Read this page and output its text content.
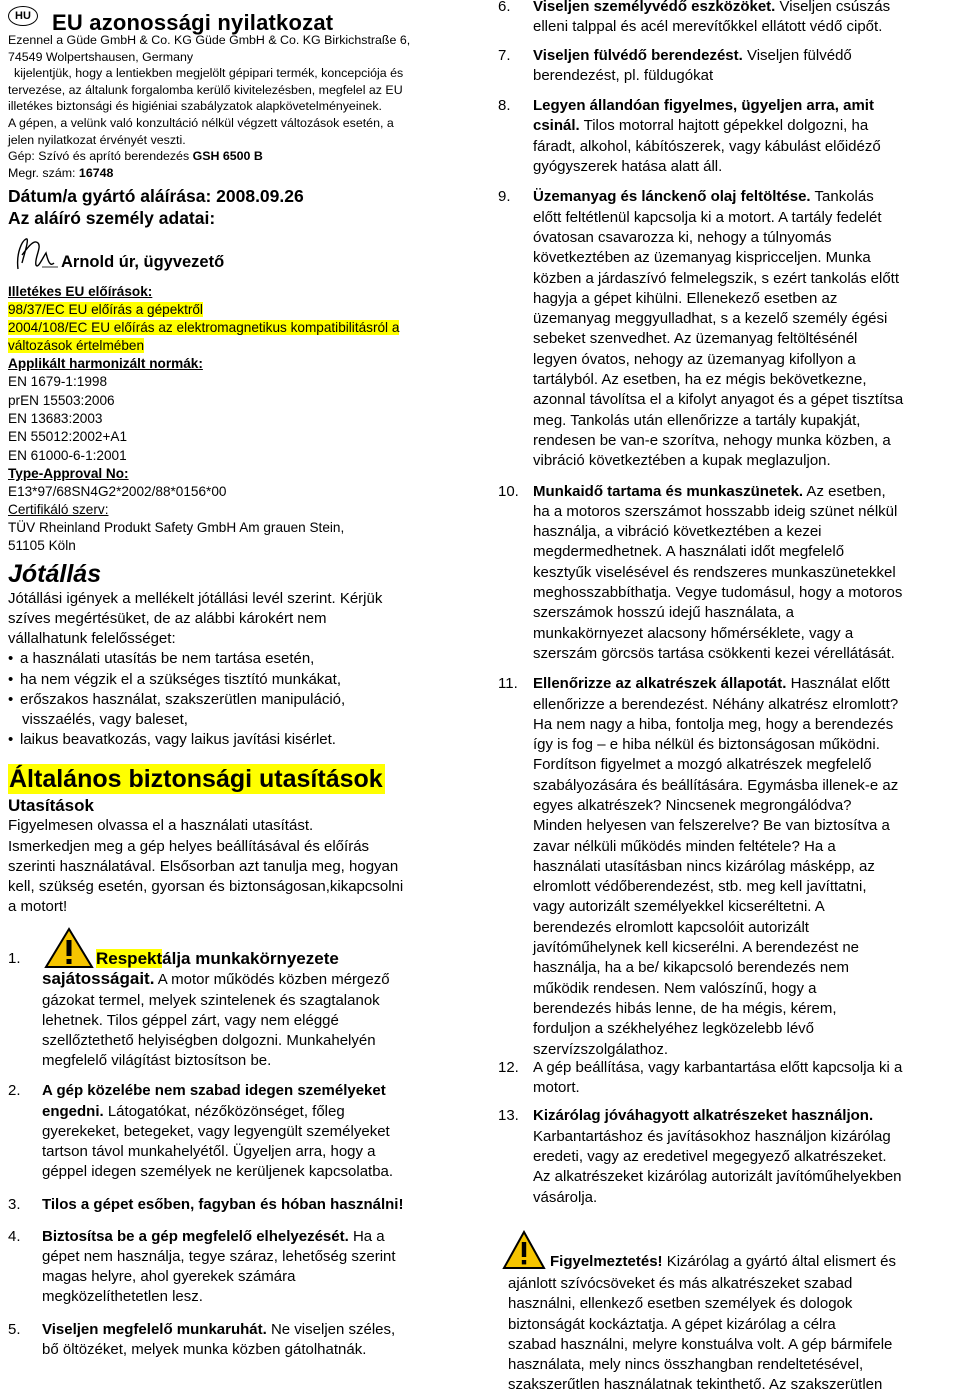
HU EU azonossági nyilatkozat
Ezennel a Güde GmbH & Co. KG Güde GmbH & Co. KG Birkichstraße 6,
74549 Wolpertshausen, Germany
kijelentjük, hogy a lentiekben megjelölt gépipari termék, koncepciója és
tervezése, az általunk forgalomba kerülő kivitelezésben, megfelel az EU
illetékes biztonsági és higiéniai szabályzatok alapkövetelményeinek.
A gépen, a velünk való konzultáció nélkül végzett változások esetén, a
jelen nyilatkozat érvényét veszti.
Gép: Szívó és aprító berendezés GSH 6500 B
Megr. szám: 16748
Dátum/a gyártó aláírása: 2008.09.26
Az aláíró személy adatai:
Arnold úr, ügyvezető
Illetékes EU előírások:
98/37/EC EU előírás a gépektről
2004/108/EC EU előírás az elektromagnetikus kompatibilitásról a
változások értelmében
Applikált harmonizált normák:
EN 1679-1:1998
prEN 15503:2006
EN 13683:2003
EN 55012:2002+A1
EN 61000-6-1:2001
Type-Approval No:
E13*97/68SN4G2*2002/88*0156*00
Certifikáló szerv:
TÜV Rheinland Produkt Safety GmbH Am grauen Stein,
51105 Köln
Jótállás
Jótállási igények a mellékelt jótállási levél szerint. Kérjük
szíves megértésüket, de az alábbi károkért nem
vállalhatunk felelősséget:
• a használati utasítás be nem tartása esetén,
• ha nem végzik el a szükséges tisztító munkákat,
• erőszakos használat, szakszerütlen manipuláció,
visszaélés, vagy baleset,
• laikus beavatkozás, vagy laikus javítási kisérlet.
Általános biztonsági utasítások
Utasítások
Figyelmesen olvassa el a használati utasítást.
Ismerkedjen meg a gép helyes beállításával és előírás
szerinti használatával. Elsősorban azt tanulja meg, hogyan
kell, szükség esetén, gyorsan és biztonságosan,kikapcsolni
a motort!
1.	Respektálja munkakörnyezete
sajátosságait. A motor működés közben mérgező
gázokat termel, melyek szintelenek és szagtalanok
lehetnek. Tilos géppel zárt, vagy nem eléggé
szellőztethető helyiségben dolgozni. Munkahelyén
megfelelő világítást biztosítson be.
2. A gép közelébe nem szabad idegen személyeket
engedni. Látogatókat, nézőközönséget, főleg
gyerekeket, betegeket, vagy legyengült személyeket
tartson távol munkahelyétől. Ügyeljen arra, hogy a
géppel idegen személyek ne kerüljenek kapcsolatba.
3. Tilos a gépet esőben, fagyban és hóban használni!
4. Biztosítsa be a gép megfelelő elhelyezését. Ha a
gépet nem használja, tegye száraz, lehetőség szerint
magas helyre, ahol gyerekek számára
megközelíthetetlen lesz.
5. Viseljen megfelelő munkaruhát. Ne viseljen széles,
bő öltözéket, melyek munka közben gátolhatnák.
6. Viseljen személyvédő eszközöket. Viseljen csúszás
elleni talppal és acél merevítőkkel ellátott védő cipőt.
7. Viseljen fülvédő berendezést. Viseljen fülvédő
berendezést, pl. füldugókat
8. Legyen állandóan figyelmes, ügyeljen arra, amit
csinál. Tilos motorral hajtott gépekkel dolgozni, ha
fáradt, alkohol, kábítószerek, vagy kábulást előidéző
gyógyszerek hatása alatt áll.
9. Üzemanyag és lánckenő olaj feltöltése. Tankolás
előtt feltétlenül kapcsolja ki a motort. A tartály fedelét
óvatosan csavarozza ki, nehogy a túlnyomás
következtében az üzemanyag kispricceljen. Munka
közben a járdaszívó felmelegszik, s ezért tankolás előtt
hagyja a gépet kihülni. Ellenekező esetben az
üzemanyag meggyulladhat, s a kezelő személy égési
sebeket szenvedhet. Az üzemanyag feltöltésénél
legyen óvatos, nehogy az üzemanyag kifollyon a
tartályból. Az esetben, ha ez mégis bekövetkezne,
azonnal távolítsa el a kifolyt anyagot és a gépet tisztítsa
meg. Tankolás után ellenőrizze a tartály kupakját,
rendesen be van-e szorítva, nehogy munka közben, a
vibráció következtében a kupak meglazuljon.
10. Munkaidő tartama és munkaszünetek. Az esetben,
ha a motoros szerszámot hosszabb ideig szünet nélkül
használja, a vibráció következtében a kezei
megdermedhetnek. A használati időt megfelelő
kesztyűk viselésével és rendszeres munkaszünetekkel
meghosszabbíthatja. Vegye tudomásul, hogy a motoros
szerszámok hosszú idejű használata, a
munkakörnyezet alacsony hőmérséklete, vagy a
szerszám görcsös tartása csökkenti kezei vérellátását.
11. Ellenőrizze az alkatrészek állapotát. Használat előtt
ellenőrizze a berendezést. Néhány alkatrész elromlott?
Ha nem nagy a hiba, fontolja meg, hogy a berendezés
így is fog – e hiba nélkül és biztonságosan működni.
Fordítson figyelmet a mozgó alkatrészek megfelelő
szabályozására és beállítására. Egymásba illenek-e az
egyes alkatrészek? Nincsenek megrongálódva?
Minden helyesen van felszerelve? Be van biztosítva a
zavar nélküli működés minden feltétele? Ha a
használati utasításban nincs kizárólag másképp, az
elromlott védőberendezést, stb. meg kell javíttatni,
vagy autorizált személyekkel kicseréltetni. A
berendezés elromlott kapcsolóit autorizált
javítóműhelynek kell kicserélni. A berendezést ne
használja, ha a be/ kikapcsoló berendezés nem
működik rendesen. Nem valószínű, hogy a
berendezés hibás lenne, de ha mégis, kérem,
forduljon a székhelyéhez legközelebb lévő
szervízszolgálathoz.
12. A gép beállítása, vagy karbantartása előtt kapcsolja ki a
motort.
13. Kizárólag jóváhagyott alkatrészeket használjon.
Karbantartáshoz és javításokhoz használjon kizárólag
eredeti, vagy az eredetivel megegyező alkatrészeket.
Az alkatrészeket kizárólag autorizált javítóműhelyekben
vásárolja.
Figyelmeztetés! Kizárólag a gyártó által elismert és
ajánlott szívócsöveket és más alkatrészeket szabad
használni, ellenkező esetben személyek és dologok
biztonságát kockáztatja. A gépet kizárólag a célra
szabad használni, melyre konstuálva volt. A gép bármifele
használata, mely nincs összhangban rendeltetésével,
szakszerűtlen használatnak tekinthető. Az szakszerütlen
